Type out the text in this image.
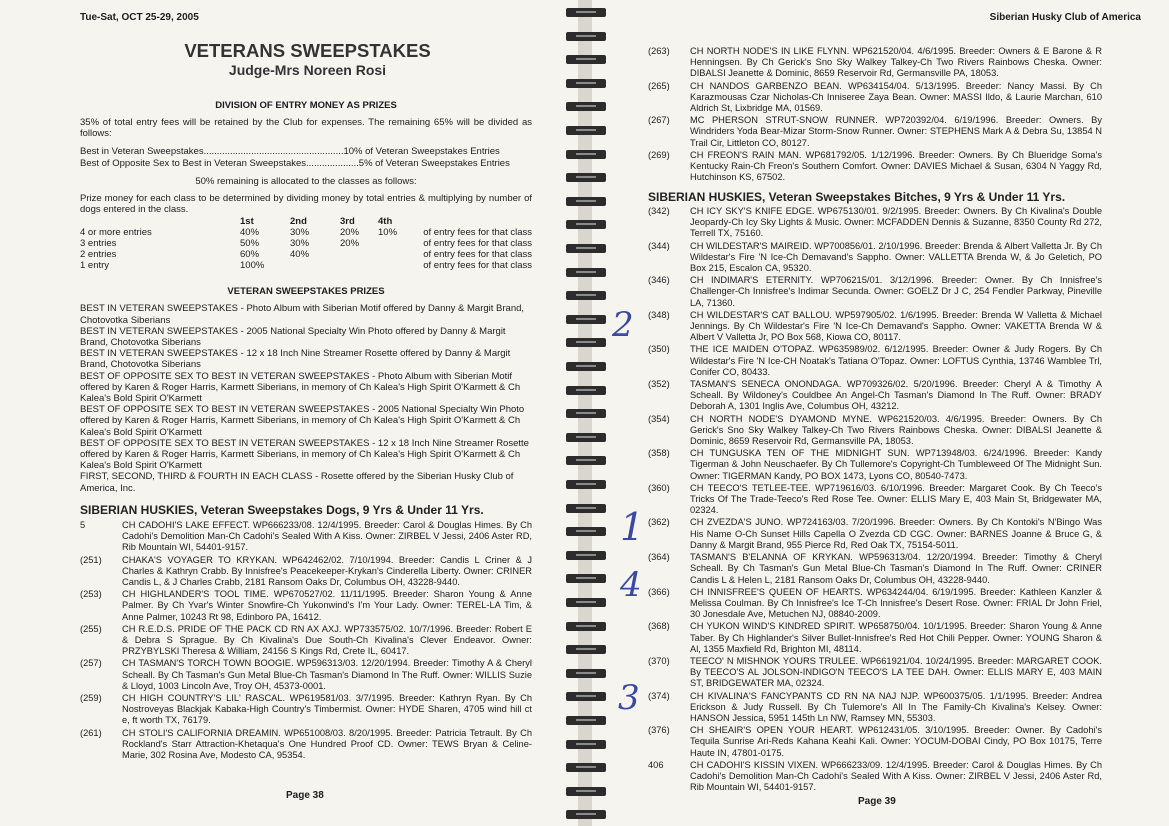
Tue-Sat, OCT 25-29, 2005
VETERANS SWEEPSTAKES
Judge-Mrs Noreen Rosi
DIVISION OF ENTRY MONEY AS PRIZES
35% of total entry fees will be retained by the Club for expenses. The remaining 65% will be divided as follows:
Best in Veteran Sweepstakes.....................................................10% of Veteran Sweepstakes Entries
Best of Opposite Sex to Best in Veteran Sweepstakes....................5% of Veteran Sweepstakes Entries
50% remaining is allocated to the classes as follows:
Prize money for each class to be determined by dividing money by total entries & multiplying by number of dogs entered in the class.
	1st	2nd	3rd	4th	
4 or more entries	40%	30%	20%	10%	of entry fees for that class
3 entries	50%	30%	20%		of entry fees for that class
2 entries	60%	40%			of entry fees for that class
1 entry	100%				of entry fees for that class
VETERAN SWEEPSTAKES PRIZES
BEST IN VETERAN SWEEPSTAKES - Photo Album with Siberian Motif offered by Danny & Margit Brand, Chotovotka Siberians
BEST IN VETERAN SWEEPSTAKES - 2005 National Specialty Win Photo offered by Danny & Margit Brand, Chotovotka Siberians
BEST IN VETERAN SWEEPSTAKES - 12 x 18 Inch Nine Streamer Rosette offered by Danny & Margit Brand, Chotovotka Siberians
BEST OF OPPOSITE SEX TO BEST IN VETERAN SWEEPSTAKES - Photo Album with Siberian Motif offered by Karen & Roger Harris, Karmett Siberians, in memory of Ch Kalea's High Spirit O'Karmett & Ch Kalea's Bold Spirit O'Karmett
BEST OF OPPOSITE SEX TO BEST IN VETERAN SWEEPSTAKES - 2005 National Specialty Win Photo offered by Karen & Roger Harris, Karmett Siberians, in memory of Ch Kalea's High Spirit O'Karmett & Ch Kalea's Bold Spirit O'Karmett
BEST OF OPPOSITE SEX TO BEST IN VETERAN SWEEPSTAKES - 12 x 18 Inch Nine Streamer Rosette offered by Karen & Roger Harris, Karmett Siberians, in memory of Ch Kalea's High Spirit O'Karmett & Ch Kalea's Bold Spirit O'Karmett
FIRST, SECOND, THIRD & FOURTH IN EACH CLASS - Rosette offered by the Siberian Husky Club of America, Inc.
SIBERIAN HUSKIES, Veteran Sweepstakes Dogs, 9 Yrs & Under 11 Yrs.
5	CH CADOHI'S LAKE EFFECT. WP666233/08. 12/4/1995. Breeder: Carol & Douglas Himes. By Ch Cadohi's Demolition Man-Ch Cadohi's Sealed With A Kiss. Owner: ZIRBEL V Jessi, 2406 Aster RD, Rib Mountain WI, 54401-9157.
(251)	CHAKA'S VOYAGER TO KRYKAN. WP642462/02. 7/10/1994. Breeder: Candis L Criner & J Charles & Kathryn Crabb. By Innisfree's Peacekeeper-Krykan's Cinderella Liberty. Owner: CRINER Candis L, & J Charles Crabb, 2181 Ransom Oaks Dr, Columbus OH, 43228-9440.
(253)	CH HIGHLANDER'S TOOL TIME. WP670527/02. 11/11/1995. Breeder: Sharon Young & Anne Palmer. By Ch Yvar's Winter Snowfire-Ch Yukonwind's I'm Your Lady. Owner: TEREL-LA Tim, & Anne Palmer, 10243 Rt 98, Edinboro PA, 16412.
(255)	CH R.E.D.S. PRIDE OF THE PACK CD RN AX AXJ. WP733575/02. 10/7/1996. Breeder: Robert E & Debra S Sprague. By Ch Kivalina's Due South-Ch Kivalina's Clever Endeavor. Owner: PRZYBYLSKI Theresa & William, 24156 S Kings Rd, Crete IL, 60417.
(257)	CH TASMAN'S TORCH TOWN BOOGIE. WP596313/03. 12/20/1994. Breeder: Timothy A & Cheryl Scheall. By Ch Tasman's Gun Metal Blue-Ch Tasman's Diamond In The Ruff. Owner: WILLIS Suzie & Lloyd, 1003 Lincoln Ave, Troy OH, 45373-0001.
(259)	CH HIGH COUNTRY'S LIL' RASCAL. WP619581/03. 3/7/1995. Breeder: Kathryn Ryan. By Ch Nostroveyas Blackjak Kabaka-High Country's Timbermist. Owner: HYDE Sharen, 4705 wind hill ct e, ft worth TX, 76179.
(261)	CH STOLI'S CALIFORNIA DREAMIN. WP651008/03. 8/20/1995. Breeder: Patricia Tetrault. By Ch Rockland's Starr Attraction-Khetaqua's One Hundred Proof CD. Owner: TEWS Bryan & Celine-Marie, 302 Rosina Ave, Modesto CA, 95354.
Page 38
Siberian Husky Club of America
(263)	CH NORTH NODE'S IN LIKE FLYNN. WP621520/04. 4/6/1995. Breeder: Owners & E Barone & R Henningsen. By Ch Gerick's Sno Sky Walkey Talkey-Ch Two Rivers Rainbows Cheska. Owner: DIBALSI Jeanette & Dominic, 8659 Reservoir Rd, Germansville PA, 18053.
(265)	CH NANDOS GARBENZO BEAN. WP634154/04. 5/13/1995. Breeder: Nancy Massi. By Ch Karazmousas Czar Nicholas-Ch Inniseree Zaya Bean. Owner: MASSI Ildo, & Laurie Marchan, 610 Aldrich St, Lixbridge MA, 01569.
(267)	MC PHERSON STRUT-SNOW RUNNER. WP720392/04. 6/19/1996. Breeder: Owners. By Windriders Yoda Bear-Mizar Storm-Snow Runner. Owner: STEPHENS Mark A & Debra Su, 13854 N Trail Cir, Littleton CO, 80127.
(269)	CH FREON'S RAIN MAN. WP681792/05. 1/12/1996. Breeder: Owners. By Ch Blueridge Soma's Kentucky Rain-Ch Freon's Southern Comfort. Owner: DAVIES Michael & Susan, 6304 N Yaggy Rd, Hutchinson KS, 67502.
SIBERIAN HUSKIES, Veteran Sweepstakes Bitches, 9 Yrs & Under 11 Yrs.
(342)	CH ICY SKY'S KNIFE EDGE. WP675130/01. 9/2/1995. Breeder: Owners. By Ch Kivalina's Double Jeopardy-Ch Icy Sky Lights & Music. Owner: MCFADDEN Dennis & Suzanne, 8350 County Rd 272, Terrell TX, 75160.
(344)	CH WILDESTAR'S MAIREID. WP700856/01. 2/10/1996. Breeder: Brenda & Albert Valletta Jr. By Ch Wildestar's Fire 'N Ice-Ch Demavand's Sappho. Owner: VALLETTA Brenda W, & Jo Geletich, PO Box 215, Escalon CA, 95320.
(346)	CH INDIMAR'S ETERNITY. WP706215/01. 3/12/1996. Breeder: Owner. By Ch Innisfree's Challenger-Ch Innisfree's Indimar Secunda. Owner: GOELZ Dr J C, 254 Fendler Parkway, Pineville LA, 71360.
(348)	CH WILDESTAR'S CAT BALLOU. WP597905/02. 1/6/1995. Breeder: Brenda W Valletta & Michael Jennings. By Ch Wildestar's Fire 'N Ice-Ch Demavand's Sappho. Owner: VAKETTA Brenda W & Albert V Valletta Jr, PO Box 568, Kiowa CO, 80117.
(350)	THE ICE MAIDEN O'TOPAZ. WP635989/02. 6/12/1995. Breeder: Owner & Judy Rogers. By Ch Wildestar's Fire 'N Ice-CH Noatak's Tatiana O'Topaz. Owner: LOFTUS Cynthia, 13746 Wamblee Trl, Conifer CO, 80433.
(352)	TASMAN'S SENECA ONONDAGA. WP709326/02. 5/20/1996. Breeder: Cheryl A & Timothy A Scheall. By Wildoney's Couldbee An Angel-Ch Tasman's Diamond In The Ruff. Owner: BRADY Deborah A, 1301 Inglis Ave, Columbus OH, 43212.
(354)	CH NORTH NODE'S DYAMOND MYNE. WP621520/03. 4/6/1995. Breeder: Owners. By Ch Gerick's Sno Sky Walkey Talkey-Ch Two Rivers Rainbows Cheska. Owner: DIBALSI Jeanette & Dominic, 8659 Reservoir Rd, Germansville PA, 18053.
(358)	CH TUNGUSKA TEN OF THE MIDNIGHT SUN. WP713948/03. 6/24/1996. Breeder: Kandy Tigerman & John Neuschaefer. By Ch Tullemore's Copyright-Ch Tumbleweed Of The Midnight Sun. Owner: TIGERMAN Kandy, PO BOX 1473, Lyons CO, 80540-7473.
(360)	CH TEECO'S TETLEE-TEE. WP719616/03. 6/10/1996. Breeder: Margaret Cook. By Ch Teeco's Tricks Of The Trade-Teeco's Red Rose Tee. Owner: ELLIS Mary E, 403 Main St, Bridgewater MA, 02324.
(362)	CH ZVEZDA'S JUNO. WP724163/03. 7/20/1996. Breeder: Owners. By Ch Kontoki's N'Bingo Was His Name O-Ch Sunset Hills Capella O Zvezda CD CGC. Owner: BARNES Joanne & Bruce G, & Danny & Margit Brand, 955 Pierce Rd, Red Oak TX, 75154-5011.
(364)	TASMAN'S B'ELANNA OF KRYKAN. WP596313/04. 12/20/1994. Breeder: Timothy & Cheryl Scheall. By Ch Tasman's Gun Metal Blue-Ch Tasman's Diamond In The Ruff. Owner: CRINER Candis L & Helen L, 2181 Ransom Oaks Dr, Columbus OH, 43228-9440.
(366)	CH INNISFREE'S QUEEN OF HEARTS. WP634244/04. 6/19/1995. Breeder: Kathleen Kanzler & Melissa Coulman. By Ch Innisfree's Ice T-Ch Innisfree's Desert Rose. Owner: FRIAL Dr John Friel, 30 Jonesdale Ave, Metuchen NJ, 08840-2009.
(368)	CH YUKON WIND'S KINDRED SPIRIT. WP658750/04. 10/1/1995. Breeder: Sharon Young & Anne Taber. By Ch Highlander's Silver Bullet-Innisfree's Red Hot Chili Pepper. Owner: YOUNG Sharon & Al, 1355 Maxfield Rd, Brighton MI, 48114.
(370)	TEECO' N MISHNOK YOURS TRULEE. WP661921/04. 10/24/1995. Breeder: MARGARET COOK. By TEECO'S AL JOLSON-INDIGO'N TEECO'S LA TEE DAH. Owner: ELLIS MARY E, 403 MAIN ST, BRIDGEWATER MA, 02324.
(374)	CH KIVALINA'S FANCYPANTS CD RN NA NAJ NJP. WP600375/05. 1/1/1995. Breeder: Andrea Erickson & Judy Russell. By Ch Tulemore's All In The Family-Ch Kivalina's Kelsey. Owner: HANSON Jessica, 5951 145th Ln NW, Ramsey MN, 55303.
(376)	CH SHEAIR'S OPEN YOUR HEART. WP612431/05. 3/10/1995. Breeder: Owner. By Cadohi's Tequila Sunrise Ari-Reds Kahana Keahi Kali. Owner: YOCUM-DOBAI Cindy, PO Box 10175, Terre Haute IN, 47801-0175.
406	CH CADOHI'S KISSIN VIXEN. WP666233/09. 12/4/1995. Breeder: Carol & Douglas Himes. By Ch Cadohi's Demolition Man-Ch Cadohi's Sealed With A Kiss. Owner: ZIRBEL V Jessi, 2406 Aster Rd, Rib Mountain WI, 54401-9157.
2
1
4
3
Page 39
